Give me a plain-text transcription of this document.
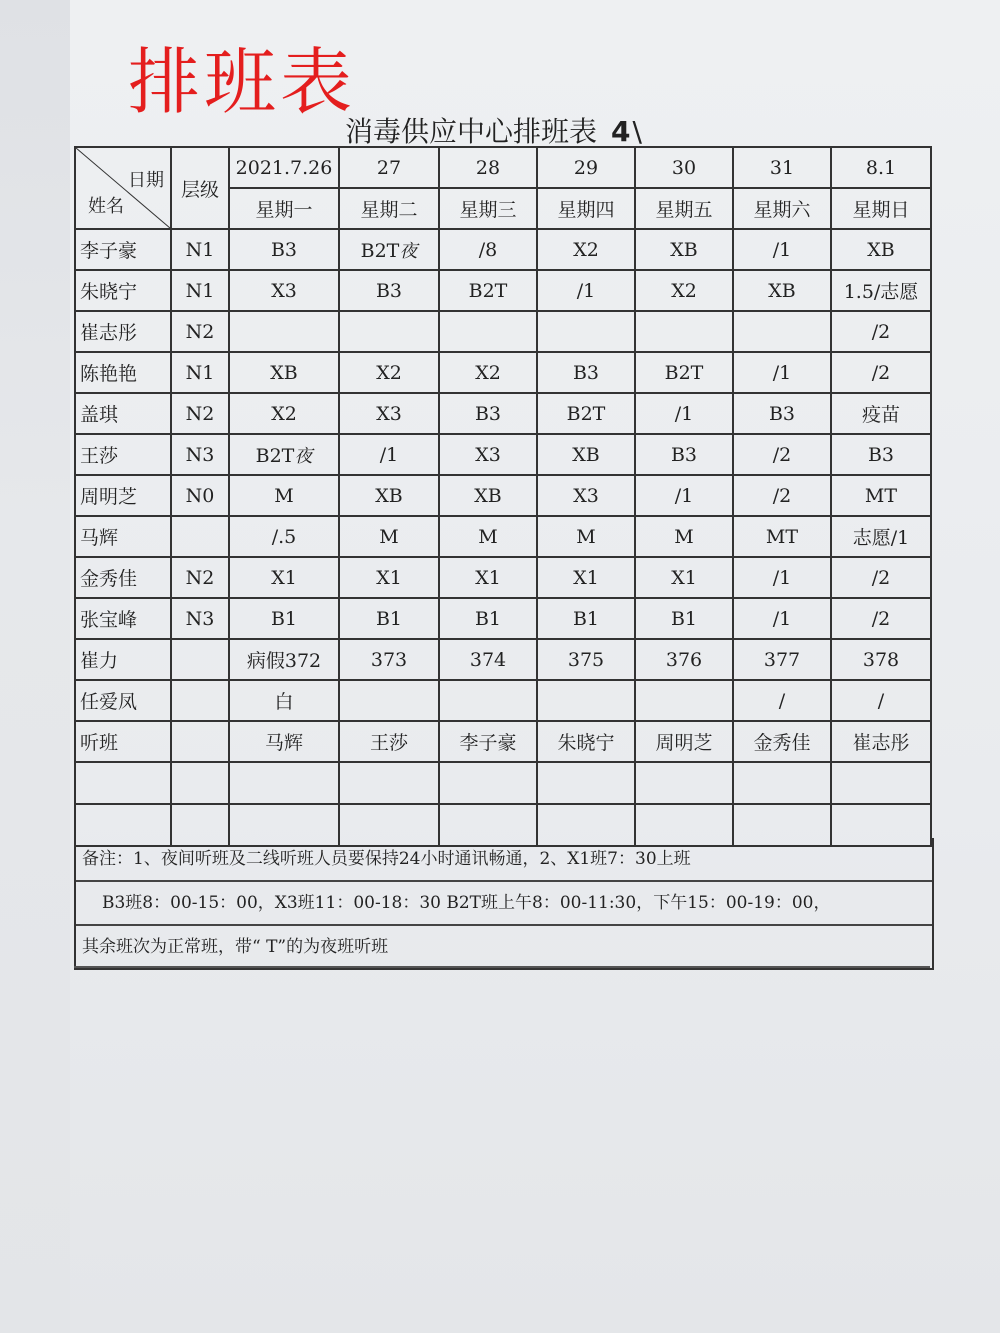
排班表
消毒供应中心排班表 4\
日期
姓名	层级	2021.7.26	27	28	29	30	31	8.1
		星期一	星期二	星期三	星期四	星期五	星期六	星期日
李子豪	N1	B3	B2T夜	/8	X2	XB	/1	XB
朱晓宁	N1	X3	B3	B2T	/1	X2	XB	1.5/志愿
崔志彤	N2							/2
陈艳艳	N1	XB	X2	X2	B3	B2T	/1	/2
盖琪	N2	X2	X3	B3	B2T	/1	B3	疫苗
王莎	N3	B2T夜	/1	X3	XB	B3	/2	B3
周明芝	N0	M	XB	XB	X3	/1	/2	MT
马辉		/.5	M	M	M	M	MT	志愿/1
金秀佳	N2	X1	X1	X1	X1	X1	/1	/2
张宝峰	N3	B1	B1	B1	B1	B1	/1	/2
崔力		病假372	373	374	375	376	377	378
任爱凤		白					/	/
听班		马辉	王莎	李子豪	朱晓宁	周明芝	金秀佳	崔志彤

备注：1、夜间听班及二线听班人员要保持24小时通讯畅通，2、X1班7：30上班
B3班8：00-15：00，X3班11：00-18：30 B2T班上午8：00-11:30，下午15：00-19：00，
其余班次为正常班，带“ T”的为夜班听班
